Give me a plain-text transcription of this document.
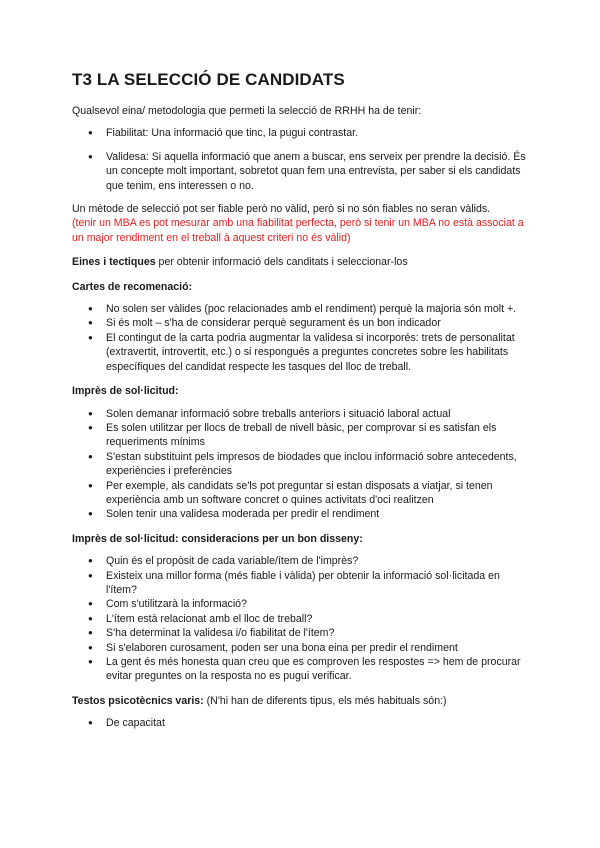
T3 LA SELECCIÓ DE CANDIDATS

Qualsevol eina/ metodologia que permeti la selecció de RRHH ha de tenir:

● Fiabilitat: Una informació que tinc, la pugui contrastar.
● Validesa: Si aquella informació que anem a buscar, ens serveix per prendre la decisió. És un concepte molt important, sobretot quan fem una entrevista, per saber si els candidats que tenim, ens interessen o no.

Un mètode de selecció pot ser fiable però no vàlid, però si no són fiables no seran vàlids.
(tenir un MBA es pot mesurar amb una fiabilitat perfecta, però si tenir un MBA no està associat a un major rendiment en el treball à aquest criteri no és vàlid)

Eines i tectiques per obtenir informació dels canditats i seleccionar-los

Cartes de recomenació:

● No solen ser vàlides (poc relacionades amb el rendiment) perquè la majoria són molt +.
● Si és molt – s'ha de considerar perquè segurament és un bon indicador
● El contingut de la carta podria augmentar la validesa si incorporés: trets de personalitat (extravertit, introvertit, etc.) o si respongués a preguntes concretes sobre les habilitats específiques del candidat respecte les tasques del lloc de treball.

Imprès de sol·licitud:

● Solen demanar informació sobre treballs anteriors i situació laboral actual
● Es solen utilitzar per llocs de treball de nivell bàsic, per comprovar si es satisfan els requeriments mínims
● S'estan substituint pels impresos de biodades que inclou informació sobre antecedents, experiències i preferències
● Per exemple, als candidats se'ls pot preguntar si estan disposats a viatjar, si tenen experiència amb un software concret o quines activitats d'oci realitzen
● Solen tenir una validesa moderada per predir el rendiment

Imprès de sol·licitud: consideracions per un bon disseny:

● Quin és el propòsit de cada variable/ítem de l'imprès?
● Existeix una millor forma (més fiable i vàlida) per obtenir la informació sol·licitada en l'ítem?
● Com s'utilitzarà la informació?
● L'ítem està relacionat amb el lloc de treball?
● S'ha determinat la validesa i/o fiabilitat de l'ítem?
● Si s'elaboren curosament, poden ser una bona eina per predir el rendiment
● La gent és més honesta quan creu que es comproven les respostes => hem de procurar evitar preguntes on la resposta no es pugui verificar.

Testos psicotècnics varis: (N'hi han de diferents tipus, els més habituals són:)

● De capacitat
